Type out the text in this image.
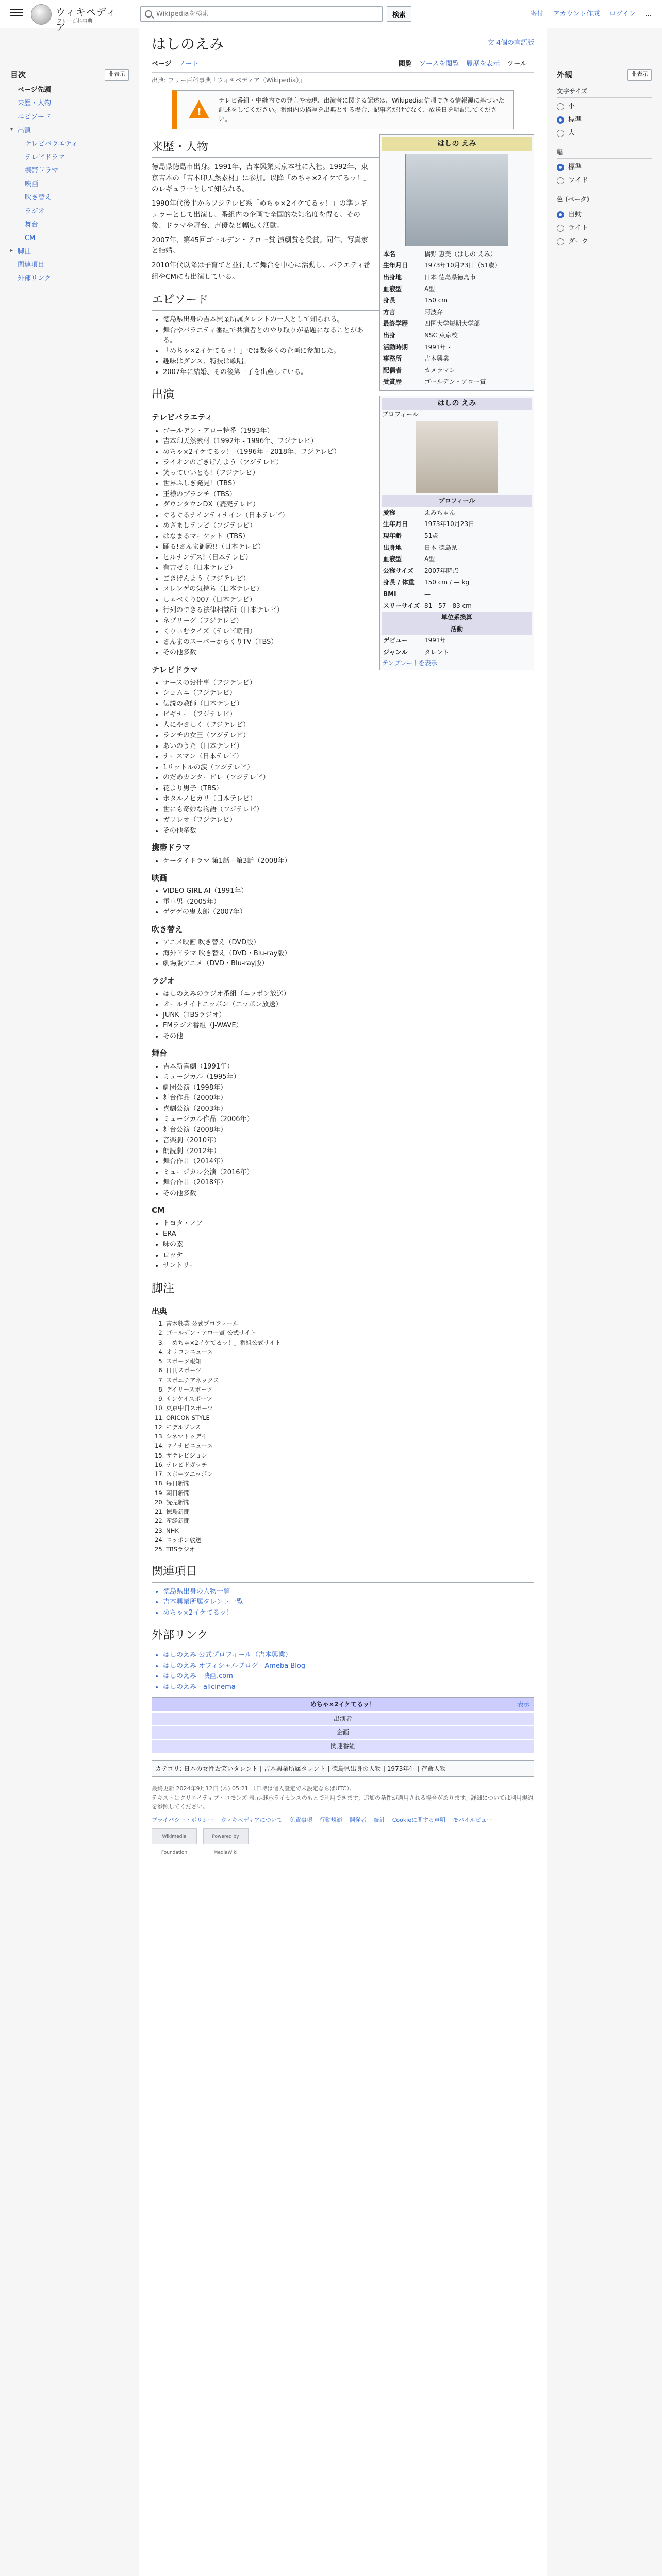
ウィキペディア
フリー百科事典
Wikipediaを検索
検索	寄付 アカウント作成 ログイン …
目次	非表示
ページ先頭
来歴・人物
エピソード
▾ 出演
テレビバラエティ
テレビドラマ
携帯ドラマ
映画
吹き替え
ラジオ
舞台
CM
▸ 脚注
関連項目
外部リンク
外観	非表示
文字サイズ
小
標準
大
幅
標準
ワイド
色 (ベータ)
自動
ライト
ダーク
はしのえみ	文 4個の言語版
ページ ノート	閲覧 ソースを閲覧 履歴を表示 ツール
出典: フリー百科事典『ウィキペディア（Wikipedia）』
!
テレビ番組・中継内での発言や表現、出演者に関する記述は、Wikipedia:信頼できる情報源に基づいた記述をしてください。番組内の描写を出典とする場合、記事名だけでなく、放送日を明記してください。
はしの えみ
本名	橋野 恵美（はしの えみ）
生年月日	1973年10月23日（51歳）
出身地	日本 徳島県徳島市
血液型	A型
身長	150 cm
方言	阿波弁
最終学歴	四国大学短期大学部
出身	NSC 東京校
活動時期	1991年 -
事務所	吉本興業
配偶者	カメラマン
受賞歴	ゴールデン・アロー賞
来歴・人物

徳島県徳島市出身。1991年、吉本興業東京本社に入社。1992年、東京吉本の「吉本印天然素材」に参加。以降「めちゃ×2イケてるッ！」のレギュラーとして知られる。

1990年代後半からフジテレビ系「めちゃ×2イケてるッ！」の準レギュラーとして出演し、番組内の企画で全国的な知名度を得る。その後、ドラマや舞台、声優など幅広く活動。

2007年、第45回ゴールデン・アロー賞 演劇賞を受賞。同年、写真家と結婚。

2010年代以降は子育てと並行して舞台を中心に活動し、バラエティ番組やCMにも出演している。

はしの えみ
プロフィール
プロフィール
愛称	えみちゃん
生年月日	1973年10月23日
現年齢	51歳
出身地	日本 徳島県
血液型	A型
公称サイズ	2007年時点
身長 / 体重	150 cm / — kg
BMI	—
スリーサイズ	81 - 57 - 83 cm
単位系換算
活動
デビュー	1991年
ジャンル	タレント
テンプレートを表示
エピソード
• 徳島県出身の吉本興業所属タレントの一人として知られる。
• 舞台やバラエティ番組で共演者とのやり取りが話題になることがある。
• 「めちゃ×2イケてるッ！」では数多くの企画に参加した。
• 趣味はダンス、特技は歌唱。
• 2007年に結婚、その後第一子を出産している。
出演
テレビバラエティ
• ゴールデン・アロー特番（1993年）
• 吉本印天然素材（1992年 - 1996年、フジテレビ）
• めちゃ×2イケてるッ！（1996年 - 2018年、フジテレビ）
• ライオンのごきげんよう（フジテレビ）
• 笑っていいとも!（フジテレビ）
• 世界ふしぎ発見!（TBS）
• 王様のブランチ（TBS）
• ダウンタウンDX（読売テレビ）
• ぐるぐるナインティナイン（日本テレビ）
• めざましテレビ（フジテレビ）
• はなまるマーケット（TBS）
• 踊る!さんま御殿!!（日本テレビ）
• ヒルナンデス!（日本テレビ）
• 有吉ゼミ（日本テレビ）
• ごきげんよう（フジテレビ）
• メレンゲの気持ち（日本テレビ）
• しゃべくり007（日本テレビ）
• 行列のできる法律相談所（日本テレビ）
• ネプリーグ（フジテレビ）
• くりぃむクイズ（テレビ朝日）
• さんまのスーパーからくりTV（TBS）
• その他多数
テレビドラマ
• ナースのお仕事（フジテレビ）
• ショムニ（フジテレビ）
• 伝説の教師（日本テレビ）
• ビギナー（フジテレビ）
• 人にやさしく（フジテレビ）
• ランチの女王（フジテレビ）
• あいのうた（日本テレビ）
• ナースマン（日本テレビ）
• 1リットルの涙（フジテレビ）
• のだめカンタービレ（フジテレビ）
• 花より男子（TBS）
• ホタルノヒカリ（日本テレビ）
• 世にも奇妙な物語（フジテレビ）
• ガリレオ（フジテレビ）
• その他多数
携帯ドラマ
• ケータイドラマ 第1話 - 第3話（2008年）
映画
• VIDEO GIRL AI（1991年）
• 電車男（2005年）
• ゲゲゲの鬼太郎（2007年）
吹き替え
• アニメ映画 吹き替え（DVD版）
• 海外ドラマ 吹き替え（DVD・Blu-ray版）
• 劇場版アニメ（DVD・Blu-ray版）
ラジオ
• はしのえみのラジオ番組（ニッポン放送）
• オールナイトニッポン（ニッポン放送）
• JUNK（TBSラジオ）
• FMラジオ番組（J-WAVE）
• その他
舞台
• 吉本新喜劇（1991年）
• ミュージカル（1995年）
• 劇団公演（1998年）
• 舞台作品（2000年）
• 喜劇公演（2003年）
• ミュージカル作品（2006年）
• 舞台公演（2008年）
• 音楽劇（2010年）
• 朗読劇（2012年）
• 舞台作品（2014年）
• ミュージカル公演（2016年）
• 舞台作品（2018年）
• その他多数
CM
• トヨタ・ノア
• ERA
• 味の素
• ロッテ
• サントリー
脚注
出典
1. 吉本興業 公式プロフィール
2. ゴールデン・アロー賞 公式サイト
3. 「めちゃ×2イケてるッ！」番組公式サイト
4. オリコンニュース
5. スポーツ報知
6. 日刊スポーツ
7. スポニチアネックス
8. デイリースポーツ
9. サンケイスポーツ
10. 東京中日スポーツ
11. ORICON STYLE
12. モデルプレス
13. シネマトゥデイ
14. マイナビニュース
15. ザテレビジョン
16. テレビドガッチ
17. スポーツニッポン
18. 毎日新聞
19. 朝日新聞
20. 読売新聞
21. 徳島新聞
22. 産経新聞
23. NHK
24. ニッポン放送
25. TBSラジオ
関連項目
• 徳島県出身の人物一覧
• 吉本興業所属タレント一覧
• めちゃ×2イケてるッ！
外部リンク
• はしのえみ 公式プロフィール（吉本興業）
• はしのえみ オフィシャルブログ - Ameba Blog
• はしのえみ - 映画.com
• はしのえみ - allcinema
めちゃ×2イケてるッ！	表示
出演者
企画
関連番組
カテゴリ: 日本の女性お笑いタレント | 吉本興業所属タレント | 徳島県出身の人物 | 1973年生 | 存命人物
最終更新 2024年9月12日 (木) 05:21 （日時は個人設定で未設定ならばUTC）。
テキストはクリエイティブ・コモンズ 表示-継承ライセンスのもとで利用できます。追加の条件が適用される場合があります。詳細については利用規約を参照してください。
プライバシー・ポリシー ウィキペディアについて 免責事項 行動規範 開発者 統計 Cookieに関する声明 モバイルビュー
Wikimedia Foundation Powered by MediaWiki
